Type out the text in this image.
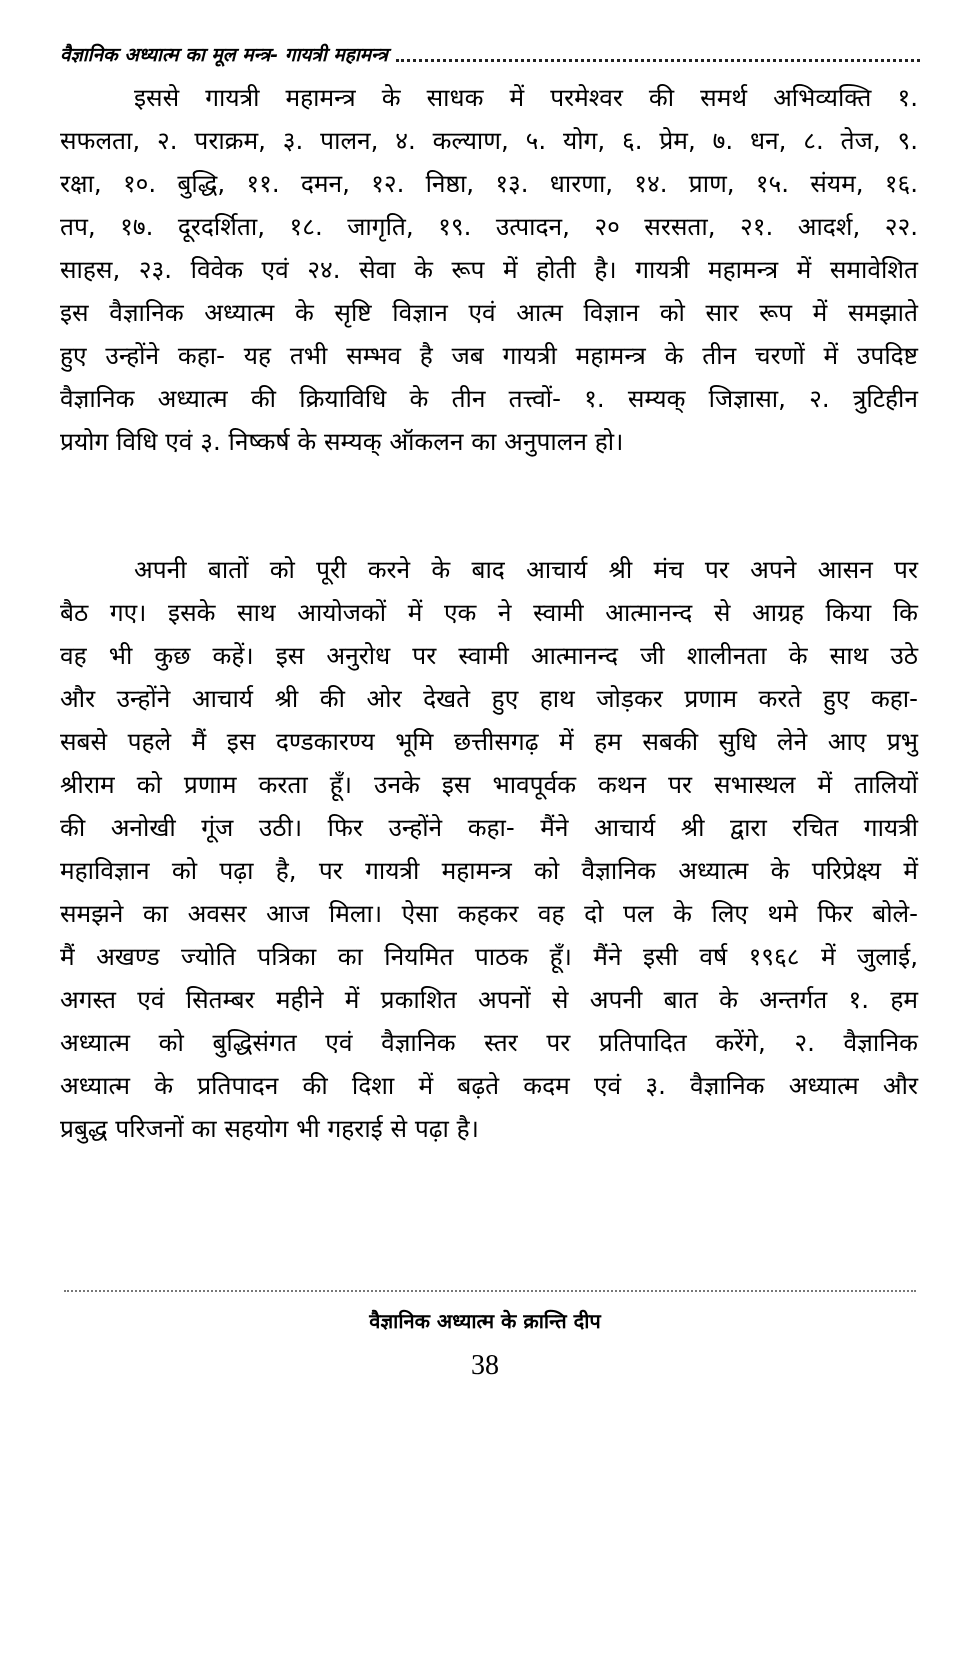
वैज्ञानिक अध्यात्म का मूल मन्त्र- गायत्री महामन्त्र
इससे गायत्री महामन्त्र के साधक में परमेश्वर की समर्थ अभिव्यक्ति १.
सफलता, २. पराक्रम, ३. पालन, ४. कल्याण, ५. योग, ६. प्रेम, ७. धन, ८. तेज, ९.
रक्षा, १०. बुद्धि, ११. दमन, १२. निष्ठा, १३. धारणा, १४. प्राण, १५. संयम, १६.
तप, १७. दूरदर्शिता, १८. जागृति, १९. उत्पादन, २० सरसता, २१. आदर्श, २२.
साहस, २३. विवेक एवं २४. सेवा के रूप में होती है। गायत्री महामन्त्र में समावेशित
इस वैज्ञानिक अध्यात्म के सृष्टि विज्ञान एवं आत्म विज्ञान को सार रूप में समझाते
हुए उन्होंने कहा- यह तभी सम्भव है जब गायत्री महामन्त्र के तीन चरणों में उपदिष्ट
वैज्ञानिक अध्यात्म की क्रियाविधि के तीन तत्त्वों- १. सम्यक् जिज्ञासा, २. त्रुटिहीन
प्रयोग विधि एवं ३. निष्कर्ष के सम्यक् ऑकलन का अनुपालन हो।
अपनी बातों को पूरी करने के बाद आचार्य श्री मंच पर अपने आसन पर
बैठ गए। इसके साथ आयोजकों में एक ने स्वामी आत्मानन्द से आग्रह किया कि
वह भी कुछ कहें। इस अनुरोध पर स्वामी आत्मानन्द जी शालीनता के साथ उठे
और उन्होंने आचार्य श्री की ओर देखते हुए हाथ जोड़कर प्रणाम करते हुए कहा-
सबसे पहले मैं इस दण्डकारण्य भूमि छत्तीसगढ़ में हम सबकी सुधि लेने आए प्रभु
श्रीराम को प्रणाम करता हूँ। उनके इस भावपूर्वक कथन पर सभास्थल में तालियों
की अनोखी गूंज उठी। फिर उन्होंने कहा- मैंने आचार्य श्री द्वारा रचित गायत्री
महाविज्ञान को पढ़ा है, पर गायत्री महामन्त्र को वैज्ञानिक अध्यात्म के परिप्रेक्ष्य में
समझने का अवसर आज मिला। ऐसा कहकर वह दो पल के लिए थमे फिर बोले-
मैं अखण्ड ज्योति पत्रिका का नियमित पाठक हूँ। मैंने इसी वर्ष १९६८ में जुलाई,
अगस्त एवं सितम्बर महीने में प्रकाशित अपनों से अपनी बात के अन्तर्गत १. हम
अध्यात्म को बुद्धिसंगत एवं वैज्ञानिक स्तर पर प्रतिपादित करेंगे, २. वैज्ञानिक
अध्यात्म के प्रतिपादन की दिशा में बढ़ते कदम एवं ३. वैज्ञानिक अध्यात्म और
प्रबुद्ध परिजनों का सहयोग भी गहराई से पढ़ा है।
वैज्ञानिक अध्यात्म के क्रान्ति दीप
38
